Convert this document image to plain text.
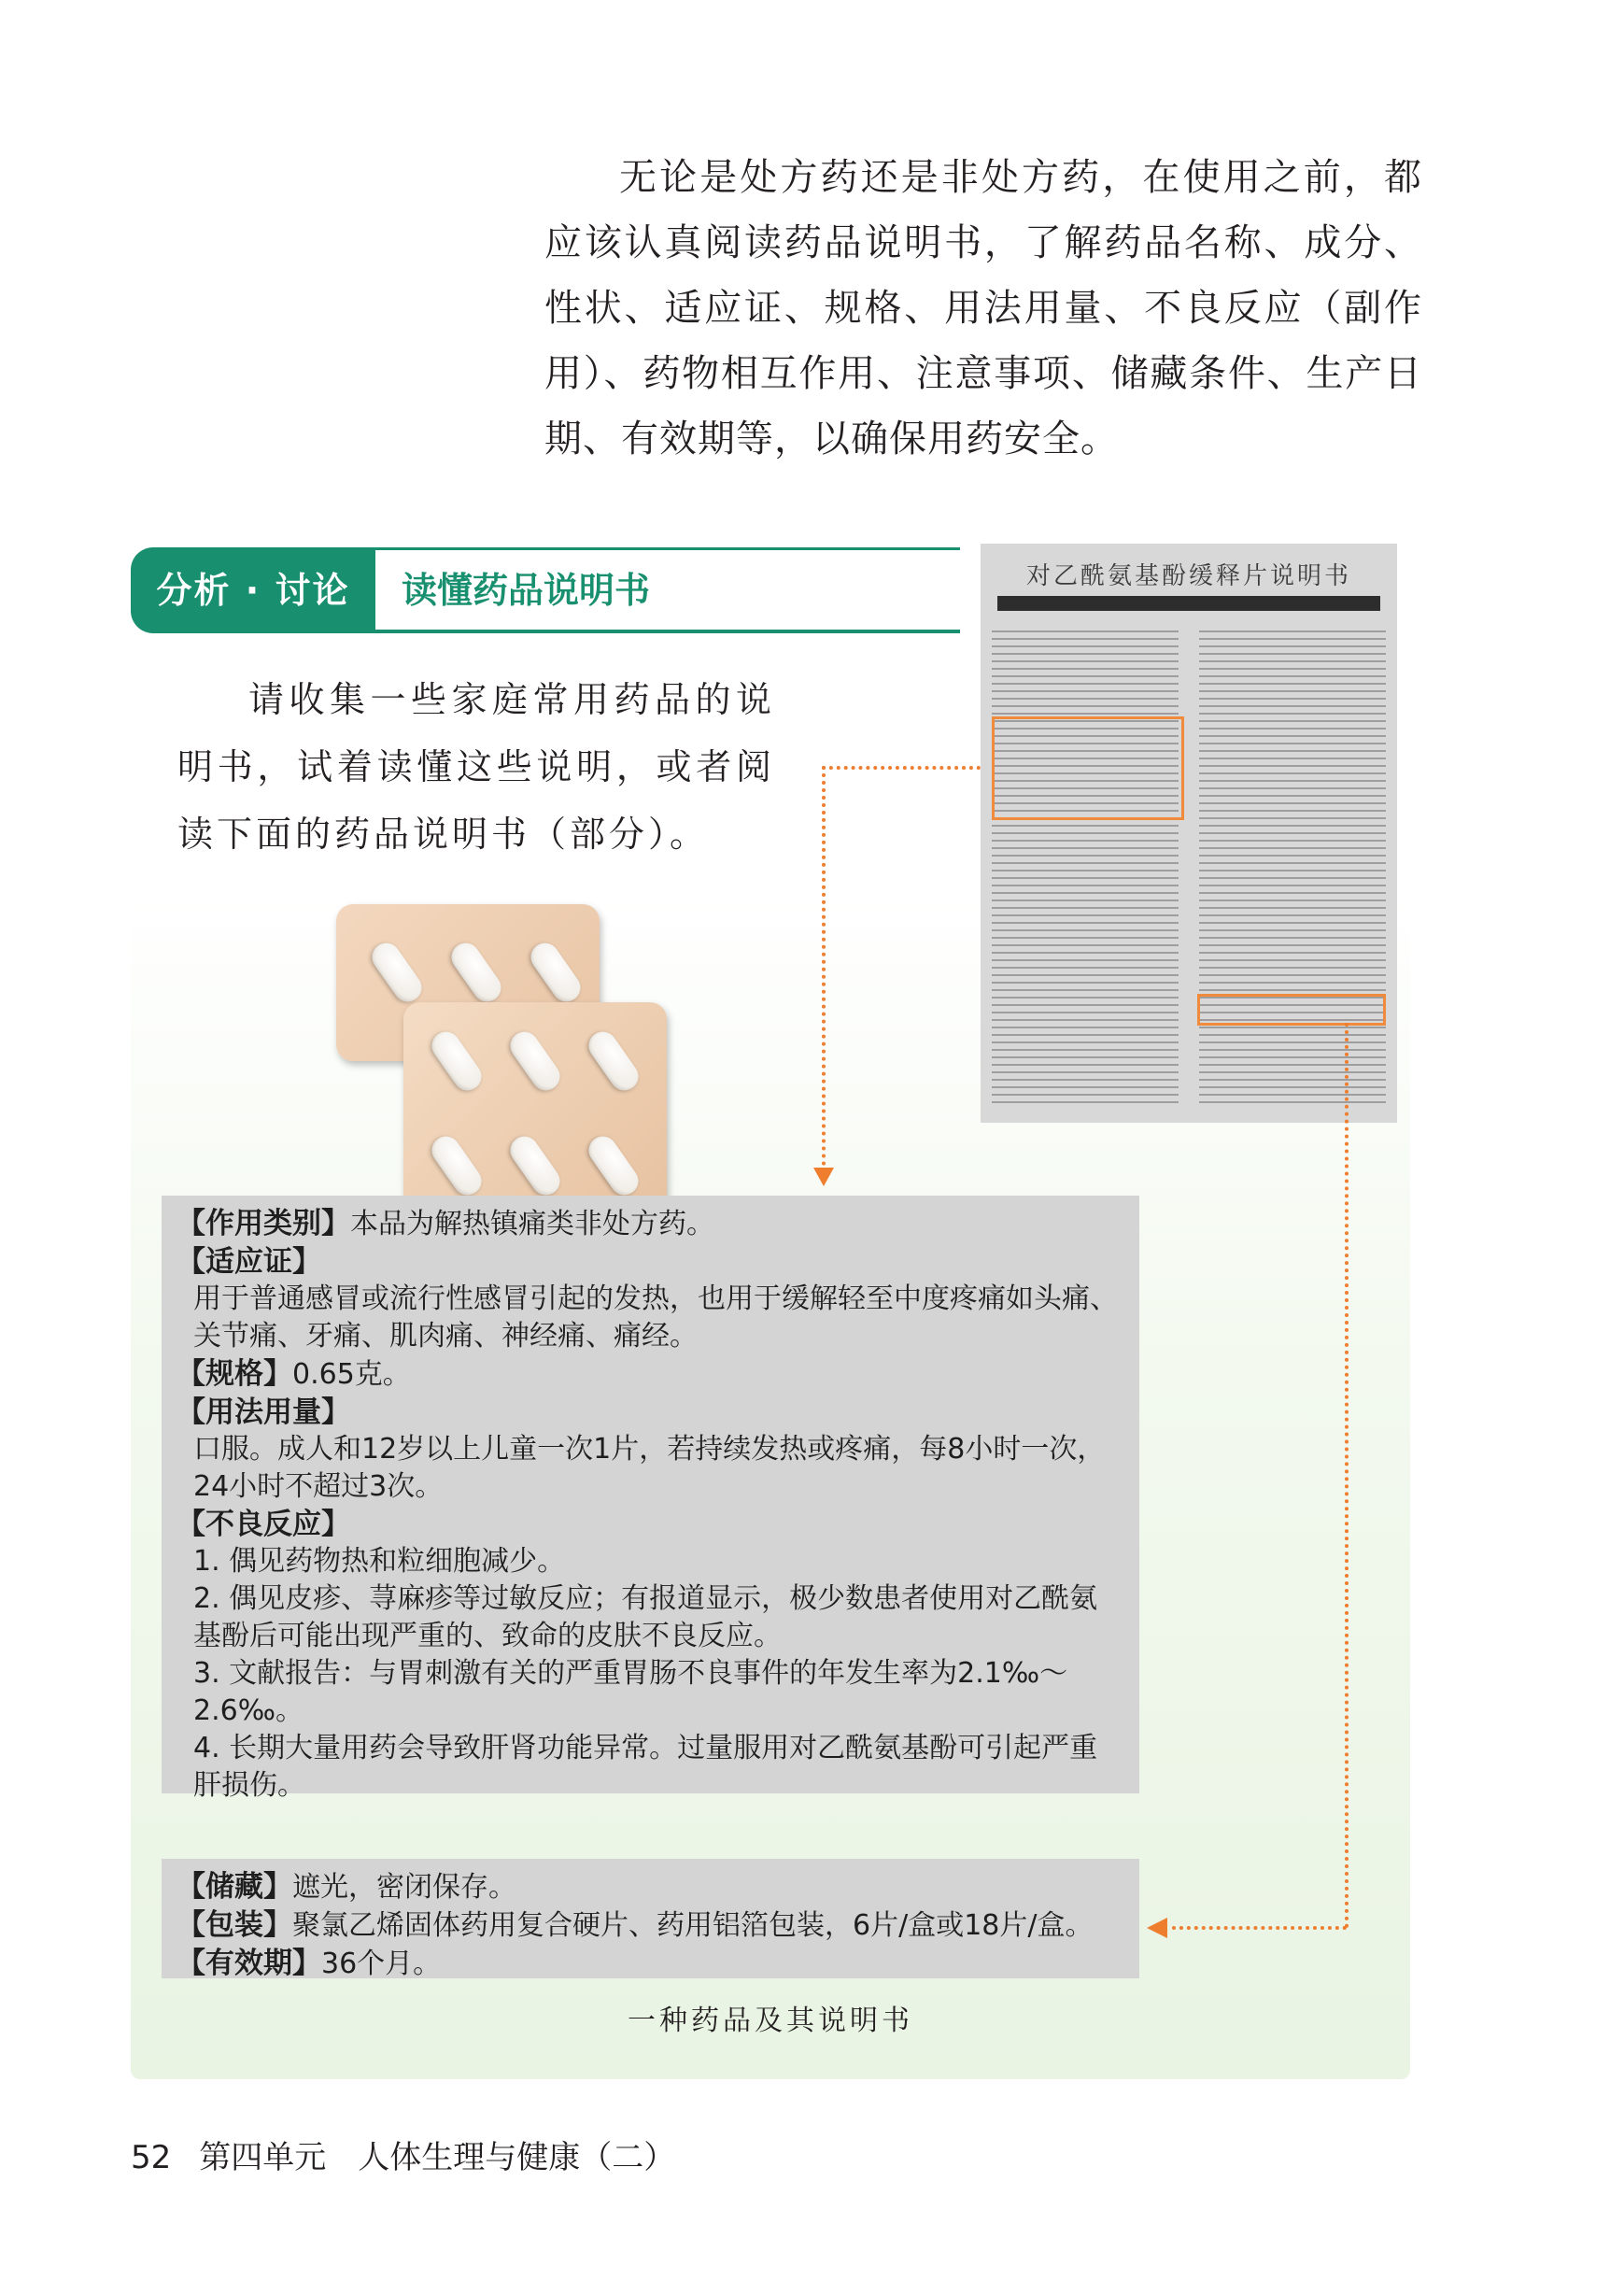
无论是处方药还是非处方药，在使用之前，都应该认真阅读药品说明书，了解药品名称、成分、性状、适应证、规格、用法用量、不良反应（副作用）、药物相互作用、注意事项、储藏条件、生产日期、有效期等，以确保用药安全。
分析 · 讨论	读懂药品说明书
请收集一些家庭常用药品的说明书，试着读懂这些说明，或者阅读下面的药品说明书（部分）。
对乙酰氨基酚缓释片说明书
【作用类别】本品为解热镇痛类非处方药。
【适应证】
用于普通感冒或流行性感冒引起的发热，也用于缓解轻至中度疼痛如头痛、关节痛、牙痛、肌肉痛、神经痛、痛经。
【规格】0.65克。
【用法用量】
口服。成人和12岁以上儿童一次1片，若持续发热或疼痛，每8小时一次，24小时不超过3次。
【不良反应】
1. 偶见药物热和粒细胞减少。
2. 偶见皮疹、荨麻疹等过敏反应；有报道显示，极少数患者使用对乙酰氨基酚后可能出现严重的、致命的皮肤不良反应。
3. 文献报告：与胃刺激有关的严重胃肠不良事件的年发生率为2.1‰～2.6‰。
4. 长期大量用药会导致肝肾功能异常。过量服用对乙酰氨基酚可引起严重肝损伤。
【储藏】遮光，密闭保存。
【包装】聚氯乙烯固体药用复合硬片、药用铝箔包装，6片/盒或18片/盒。
【有效期】36个月。
一种药品及其说明书
52 第四单元　人体生理与健康（二）
